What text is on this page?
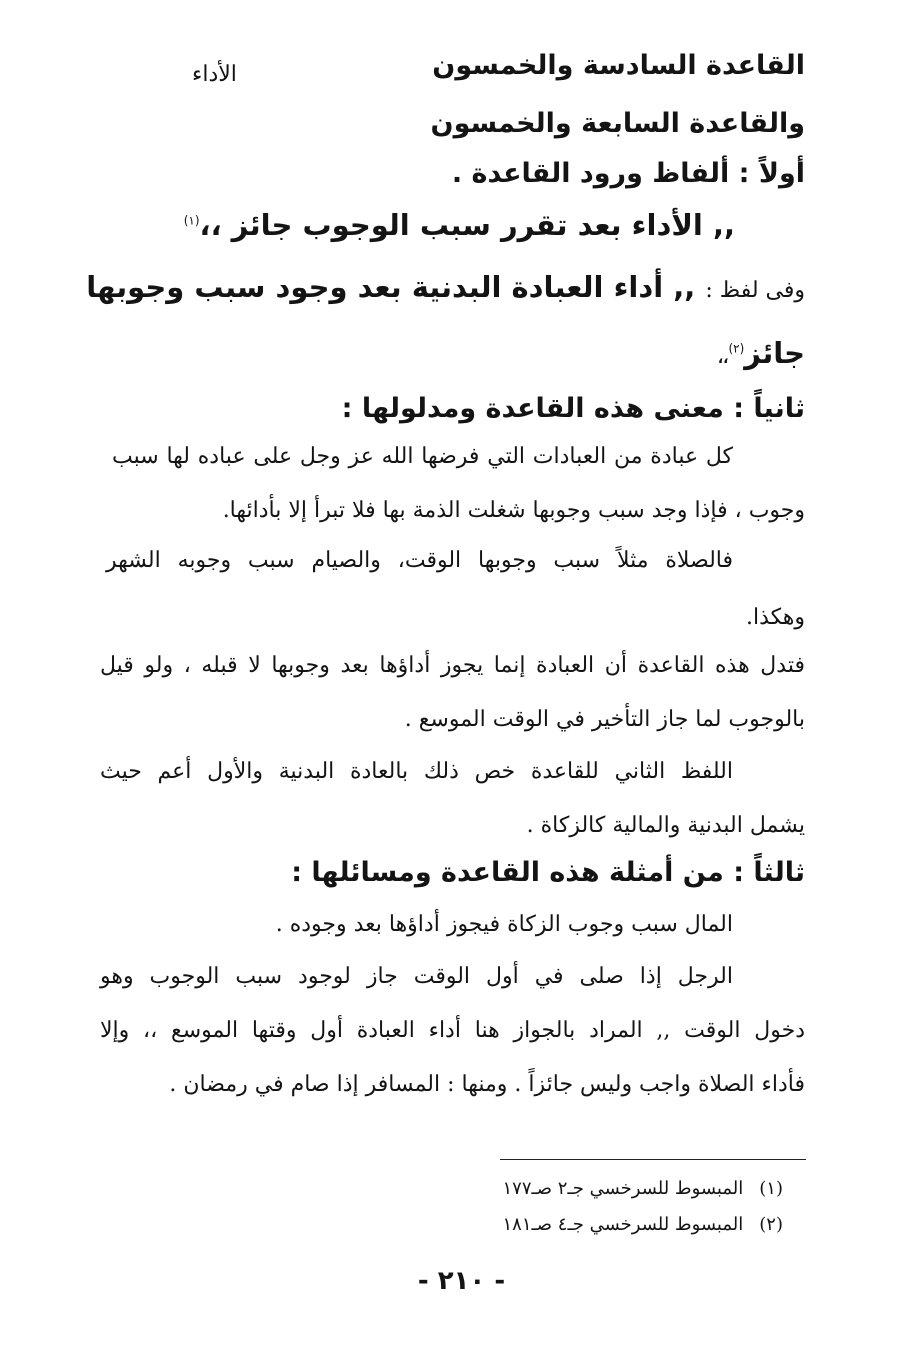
الأداء	القاعدة السادسة والخمسون
والقاعدة السابعة والخمسون
أولاً : ألفاظ ورود القاعدة .
,, الأداء بعد تقرر سبب الوجوب جائز ،،$^{(١)}$
وفى لفظ : ,, أداء العبادة البدنية بعد وجود سبب وجوبها
جائز$^{(٢)}$،،
ثانياً : معنى هذه القاعدة ومدلولها :
كل عبادة من العبادات التي فرضها الله عز وجل على عباده لها سبب
وجوب ، فإذا وجد سبب وجوبها شغلت الذمة بها فلا تبرأ إلا بأدائها.
فالصلاة مثلاً سبب وجوبها الوقت، والصيام سبب وجوبه الشهر
وهكذا.
فتدل هذه القاعدة أن العبادة إنما يجوز أداؤها بعد وجوبها لا قبله ، ولو قيل
بالوجوب لما جاز التأخير في الوقت الموسع .
اللفظ الثاني للقاعدة خص ذلك بالعادة البدنية والأول أعم حيث
يشمل البدنية والمالية كالزكاة .
ثالثاً : من أمثلة هذه القاعدة ومسائلها :
المال سبب وجوب الزكاة فيجوز أداؤها بعد وجوده .
الرجل إذا صلى في أول الوقت جاز لوجود سبب الوجوب وهو
دخول الوقت ,, المراد بالجواز هنا أداء العبادة أول وقتها الموسع ،، وإلا
فأداء الصلاة واجب وليس جائزاً . ومنها : المسافر إذا صام في رمضان .
(١)المبسوط للسرخسي جـ٢ صـ١٧٧
(٢)المبسوط للسرخسي جـ٤ صـ١٨١
- ٢١٠ -
